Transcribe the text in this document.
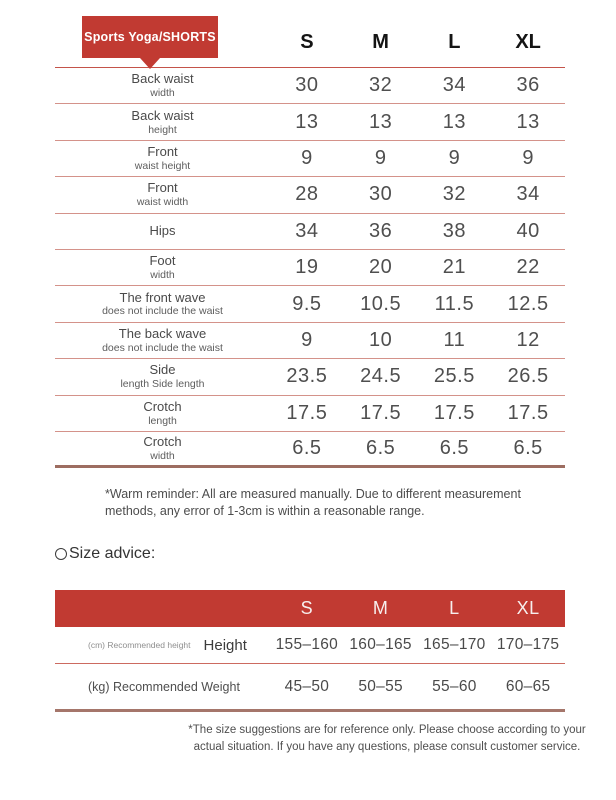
S	M	L	XL
Back waist
width	30	32	34	36
Back waist
height	13	13	13	13
Front
waist height	9	9	9	9
Front
waist width	28	30	32	34
Hips	34	36	38	40
Foot
width	19	20	21	22
The front wave
does not include the waist	9.5	10.5	11.5	12.5
The back wave
does not include the waist	9	10	11	12
Side
length Side length	23.5	24.5	25.5	26.5
Crotch
length	17.5	17.5	17.5	17.5
Crotch
width	6.5	6.5	6.5	6.5
Sports Yoga/SHORTS
*Warm reminder: All are measured manually. Due to different measurement methods, any error of 1-3cm is within a reasonable range.
Size advice:
S	M	L	XL
(cm) Recommended height Height	155–160 160–165 165–170 170–175
(kg) Recommended Weight	45–50	50–55	55–60	60–65
*The size suggestions are for reference only. Please choose according to your actual situation. If you have any questions, please consult customer service.
